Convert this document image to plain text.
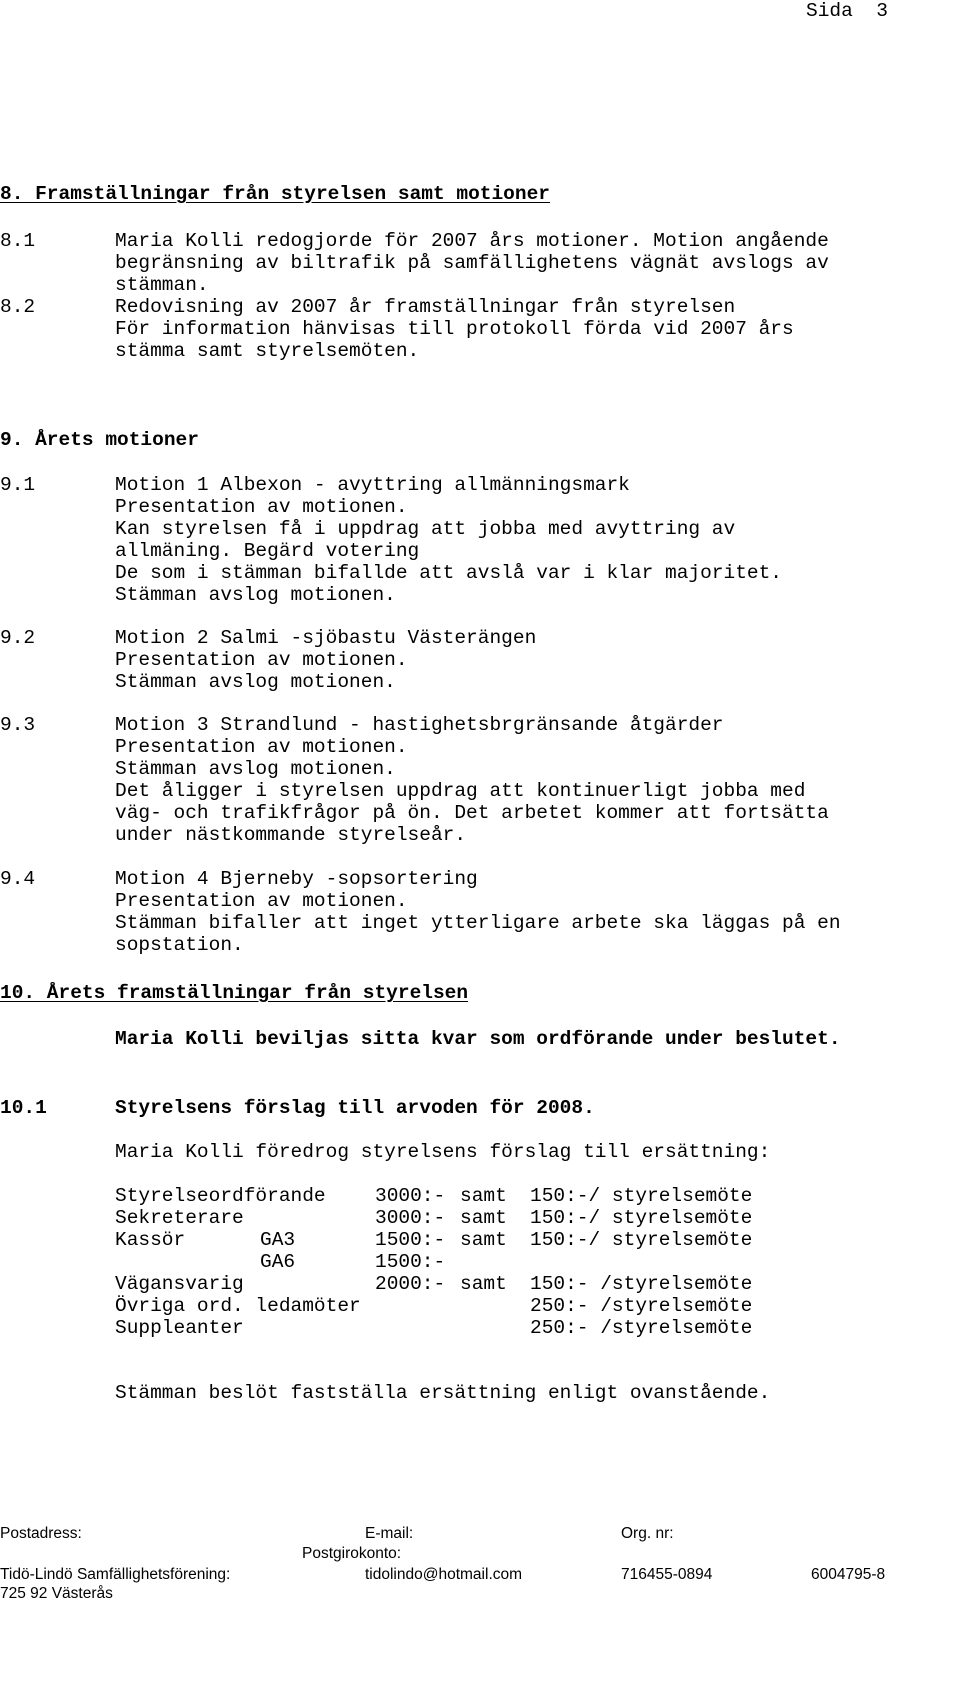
Sida  3
8. Framställningar från styrelsen samt motioner
8.1	Maria Kolli redogjorde för 2007 års motioner. Motion angående
begränsning av biltrafik på samfällighetens vägnät avslogs av
stämman.
8.2	Redovisning av 2007 år framställningar från styrelsen
För information hänvisas till protokoll förda vid 2007 års
stämma samt styrelsemöten.
9. Årets motioner
9.1	Motion 1 Albexon - avyttring allmänningsmark
Presentation av motionen.
Kan styrelsen få i uppdrag att jobba med avyttring av
allmäning. Begärd votering
De som i stämman bifallde att avslå var i klar majoritet.
Stämman avslog motionen.
9.2	Motion 2 Salmi -sjöbastu Västerängen
Presentation av motionen.
Stämman avslog motionen.
9.3	Motion 3 Strandlund - hastighetsbrgränsande åtgärder
Presentation av motionen.
Stämman avslog motionen.
Det åligger i styrelsen uppdrag att kontinuerligt jobba med
väg- och trafikfrågor på ön. Det arbetet kommer att fortsätta
under nästkommande styrelseår.
9.4	Motion 4 Bjerneby -sopsortering
Presentation av motionen.
Stämman bifaller att inget ytterligare arbete ska läggas på en
sopstation.
10. Årets framställningar från styrelsen
Maria Kolli beviljas sitta kvar som ordförande under beslutet.
10.1	Styrelsens förslag till arvoden för 2008.
Maria Kolli föredrog styrelsens förslag till ersättning:
Styrelseordförande	3000:- samt 150:-/ styrelsemöte
Sekreterare	3000:- samt 150:-/ styrelsemöte
Kassör	GA3	1500:- samt 150:-/ styrelsemöte
GA6	1500:-
Vägansvarig	2000:- samt 150:- /styrelsemöte
Övriga ord. ledamöter	250:- /styrelsemöte
Suppleanter	250:- /styrelsemöte
Stämman beslöt fastställa ersättning enligt ovanstående.
Postadress:	E-mail:	Org. nr:
Postgirokonto:
Tidö-Lindö Samfällighetsförening:	tidolindo@hotmail.com	716455-0894	6004795-8
725 92 Västerås
